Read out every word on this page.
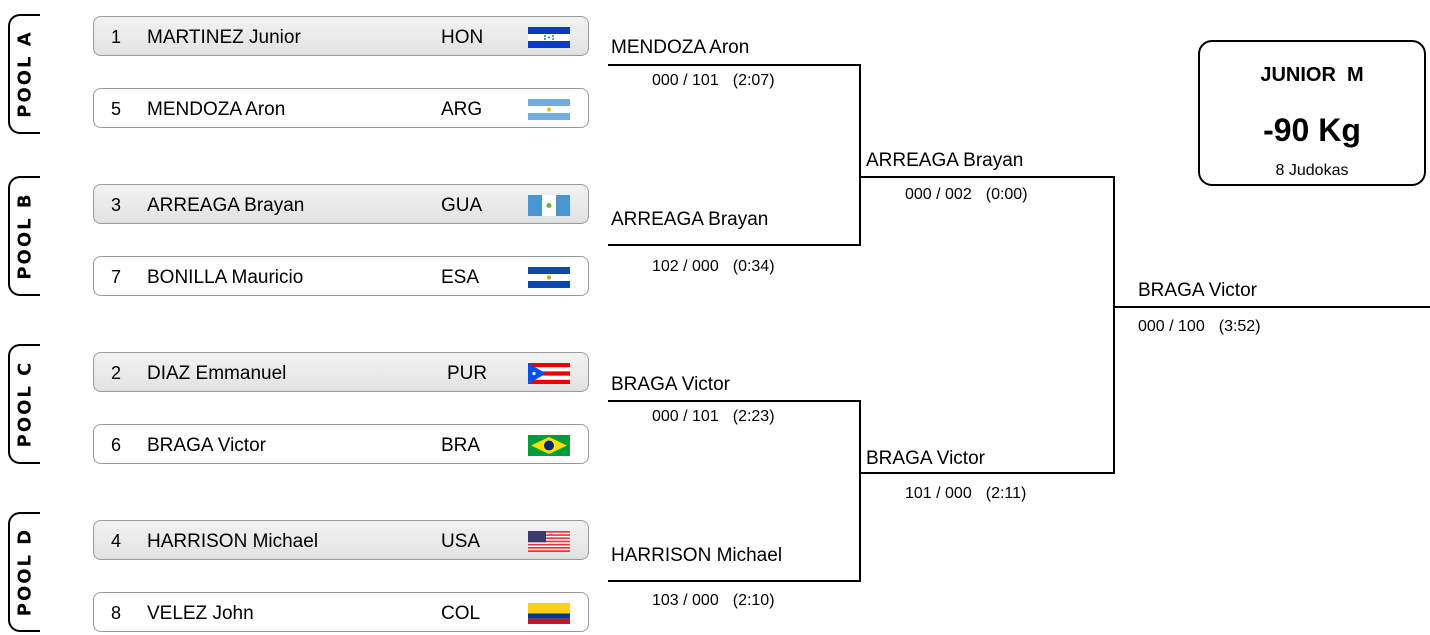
POOL A
POOL B
POOL C
POOL D
1 MARTINEZ Junior	HON
5 MENDOZA Aron	ARG
3 ARREAGA Brayan	GUA
7 BONILLA Mauricio	ESA
2 DIAZ Emmanuel	PUR
6 BRAGA Victor	BRA
4 HARRISON Michael	USA
8 VELEZ John	COL
MENDOZA Aron
000 / 101 (2:07)
ARREAGA Brayan
102 / 000 (0:34)
BRAGA Victor
000 / 101 (2:23)
HARRISON Michael
103 / 000 (2:10)
ARREAGA Brayan
000 / 002 (0:00)
BRAGA Victor
101 / 000 (2:11)
BRAGA Victor
000 / 100 (3:52)
JUNIOR  M
-90 Kg
8 Judokas
